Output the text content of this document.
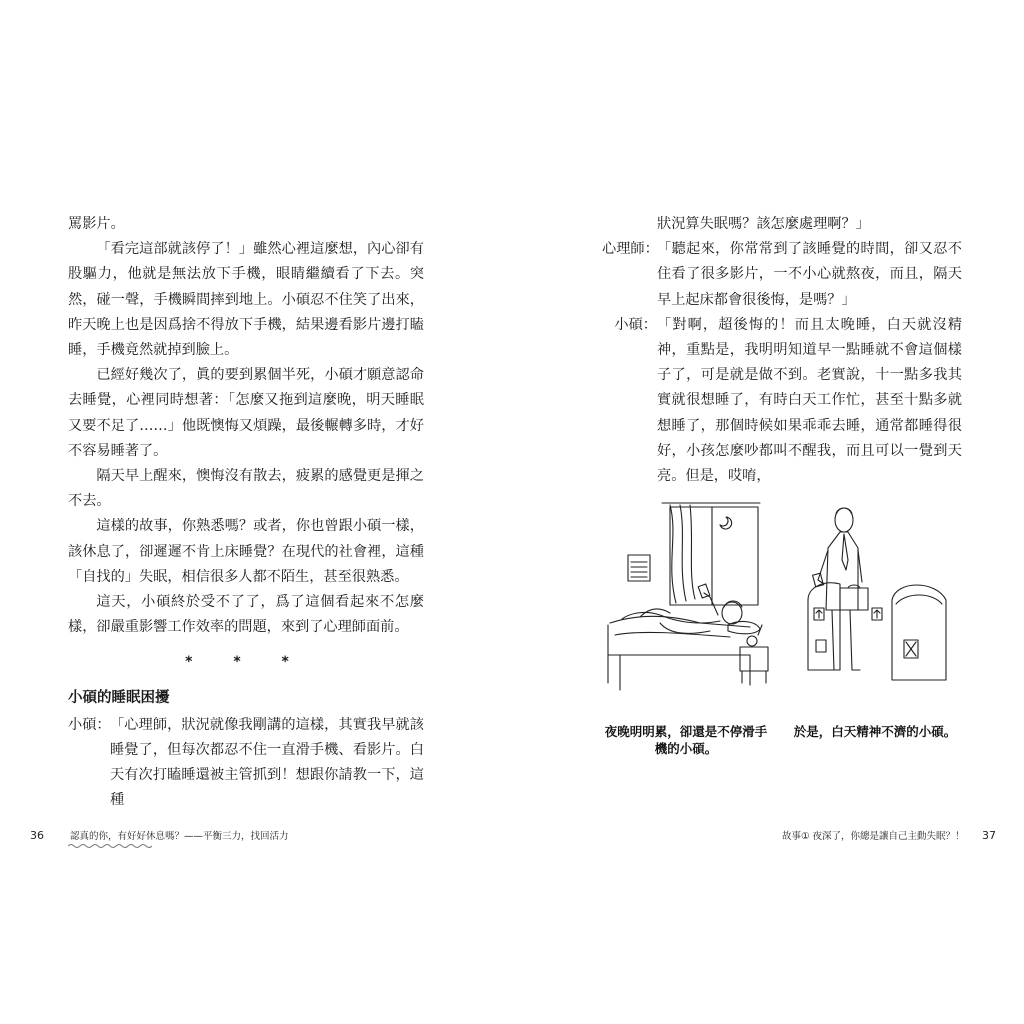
罵影片。

「看完這部就該停了！」雖然心裡這麼想，內心卻有股驅力，他就是無法放下手機，眼睛繼續看了下去。突然，碰一聲，手機瞬間摔到地上。小碩忍不住笑了出來，昨天晚上也是因爲捨不得放下手機，結果邊看影片邊打瞌睡，手機竟然就掉到臉上。

已經好幾次了，眞的要到累個半死，小碩才願意認命去睡覺，心裡同時想著：「怎麼又拖到這麼晚，明天睡眠又要不足了……」他既懊悔又煩躁，最後輾轉多時，才好不容易睡著了。

隔天早上醒來，懊悔沒有散去，疲累的感覺更是揮之不去。

這樣的故事，你熟悉嗎？或者，你也曾跟小碩一樣，該休息了，卻遲遲不肯上床睡覺？在現代的社會裡，這種「自找的」失眠，相信很多人都不陌生，甚至很熟悉。

這天，小碩終於受不了了，爲了這個看起來不怎麼樣，卻嚴重影響工作效率的問題，來到了心理師面前。

* * *
小碩的睡眠困擾
小碩： 「心理師，狀況就像我剛講的這樣，其實我早就該睡覺了，但每次都忍不住一直滑手機、看影片。白天有次打瞌睡還被主管抓到！想跟你請教一下，這種
36	認真的你，有好好休息嗎？——平衡三力，找回活力
狀況算失眠嗎？該怎麼處理啊？」
心理師：
「聽起來，你常常到了該睡覺的時間，卻又忍不住看了很多影片，一不小心就熬夜，而且，隔天早上起床都會很後悔，是嗎？」
小碩： 「對啊，超後悔的！而且太晚睡，白天就沒精神，重點是，我明明知道早一點睡就不會這個樣子了，可是就是做不到。老實說，十一點多我其實就很想睡了，有時白天工作忙，甚至十點多就想睡了，那個時候如果乖乖去睡，通常都睡得很好，小孩怎麼吵都叫不醒我，而且可以一覺到天亮。但是，哎唷，
夜晚明明累，卻還是不停滑手機的小碩。
於是，白天精神不濟的小碩。
故事① 夜深了，你總是讓自己主動失眠？！ 37
